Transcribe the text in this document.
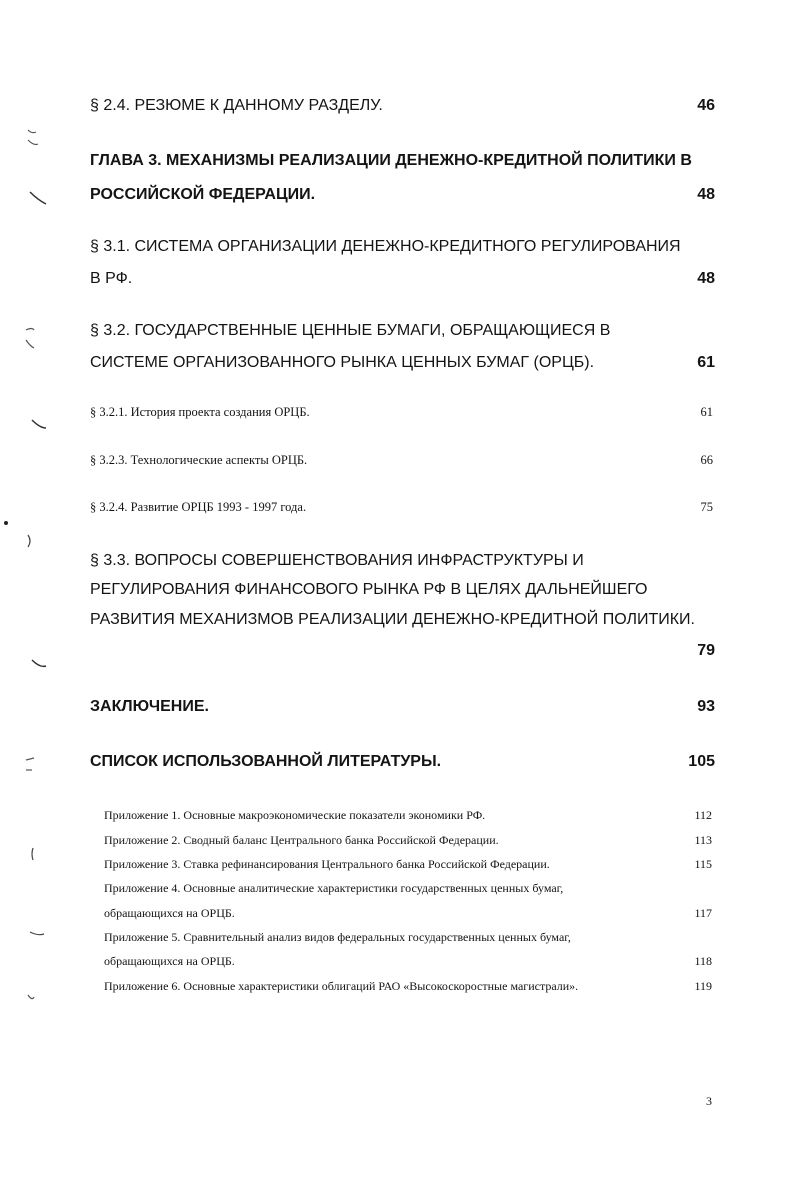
§ 2.4. РЕЗЮМЕ К ДАННОМУ РАЗДЕЛУ.	46
ГЛАВА 3. МЕХАНИЗМЫ РЕАЛИЗАЦИИ ДЕНЕЖНО-КРЕДИТНОЙ ПОЛИТИКИ В
РОССИЙСКОЙ ФЕДЕРАЦИИ.	48
§ 3.1. СИСТЕМА ОРГАНИЗАЦИИ ДЕНЕЖНО-КРЕДИТНОГО РЕГУЛИРОВАНИЯ
В РФ.	48
§ 3.2. ГОСУДАРСТВЕННЫЕ ЦЕННЫЕ БУМАГИ, ОБРАЩАЮЩИЕСЯ В
СИСТЕМЕ ОРГАНИЗОВАННОГО РЫНКА ЦЕННЫХ БУМАГ (ОРЦБ).	61
§ 3.2.1. История проекта создания ОРЦБ.	61
§ 3.2.3. Технологические аспекты ОРЦБ.	66
§ 3.2.4. Развитие ОРЦБ 1993 - 1997 года.	75
§ 3.3. ВОПРОСЫ СОВЕРШЕНСТВОВАНИЯ ИНФРАСТРУКТУРЫ И
РЕГУЛИРОВАНИЯ ФИНАНСОВОГО РЫНКА РФ В ЦЕЛЯХ ДАЛЬНЕЙШЕГО
РАЗВИТИЯ МЕХАНИЗМОВ РЕАЛИЗАЦИИ ДЕНЕЖНО-КРЕДИТНОЙ ПОЛИТИКИ.
79
ЗАКЛЮЧЕНИЕ.	93
СПИСОК ИСПОЛЬЗОВАННОЙ ЛИТЕРАТУРЫ.	105
Приложение 1. Основные макроэкономические показатели экономики РФ.	112
Приложение 2. Сводный баланс Центрального банка Российской Федерации.	113
Приложение 3. Ставка рефинансирования Центрального банка Российской Федерации.	115
Приложение 4. Основные аналитические характеристики государственных ценных бумаг,
обращающихся на ОРЦБ.	117
Приложение 5. Сравнительный анализ видов федеральных государственных ценных бумаг,
обращающихся на ОРЦБ.	118
Приложение 6. Основные характеристики облигаций РАО «Высокоскоростные магистрали».	119
3
